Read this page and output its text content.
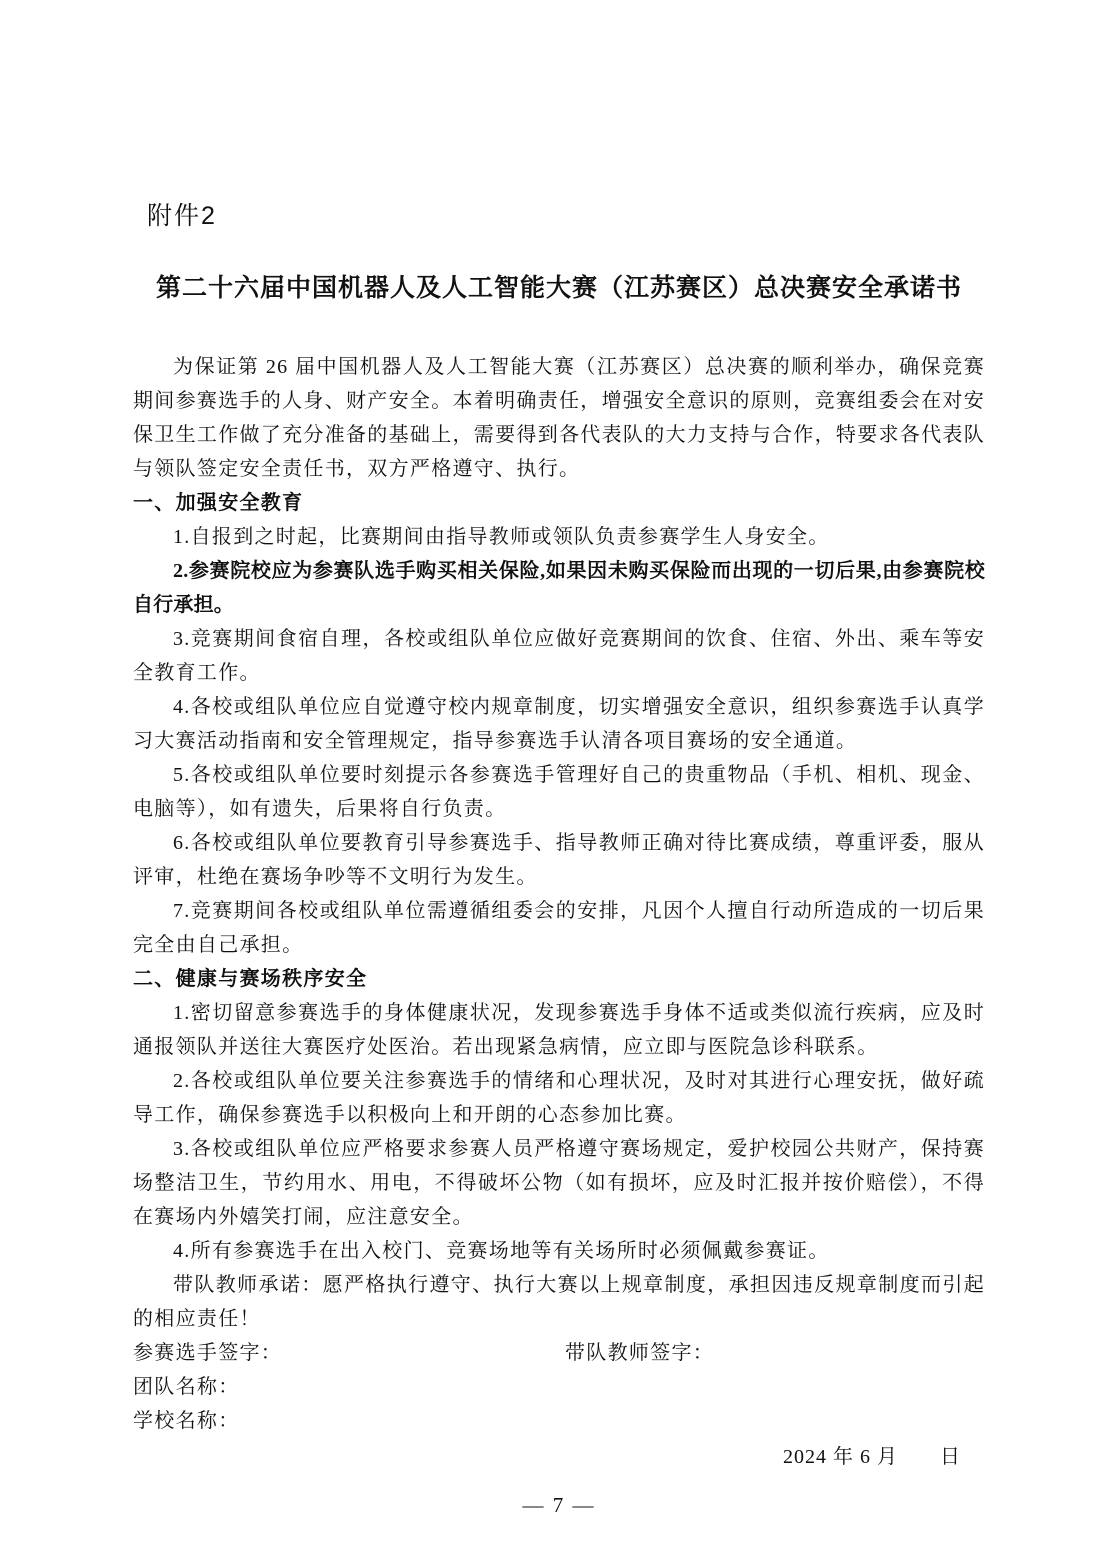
附件2
第二十六届中国机器人及人工智能大赛（江苏赛区）总决赛安全承诺书

为保证第 26 届中国机器人及人工智能大赛（江苏赛区）总决赛的顺利举办，确保竞赛期间参赛选手的人身、财产安全。本着明确责任，增强安全意识的原则，竞赛组委会在对安保卫生工作做了充分准备的基础上，需要得到各代表队的大力支持与合作，特要求各代表队与领队签定安全责任书，双方严格遵守、执行。

一、加强安全教育

1.自报到之时起，比赛期间由指导教师或领队负责参赛学生人身安全。

2.参赛院校应为参赛队选手购买相关保险,如果因未购买保险而出现的一切后果,由参赛院校自行承担。

3.竞赛期间食宿自理，各校或组队单位应做好竞赛期间的饮食、住宿、外出、乘车等安全教育工作。

4.各校或组队单位应自觉遵守校内规章制度，切实增强安全意识，组织参赛选手认真学习大赛活动指南和安全管理规定，指导参赛选手认清各项目赛场的安全通道。

5.各校或组队单位要时刻提示各参赛选手管理好自己的贵重物品（手机、相机、现金、电脑等），如有遗失，后果将自行负责。

6.各校或组队单位要教育引导参赛选手、指导教师正确对待比赛成绩，尊重评委，服从评审，杜绝在赛场争吵等不文明行为发生。

7.竞赛期间各校或组队单位需遵循组委会的安排，凡因个人擅自行动所造成的一切后果完全由自己承担。

二、健康与赛场秩序安全

1.密切留意参赛选手的身体健康状况，发现参赛选手身体不适或类似流行疾病，应及时通报领队并送往大赛医疗处医治。若出现紧急病情，应立即与医院急诊科联系。

2.各校或组队单位要关注参赛选手的情绪和心理状况，及时对其进行心理安抚，做好疏导工作，确保参赛选手以积极向上和开朗的心态参加比赛。

3.各校或组队单位应严格要求参赛人员严格遵守赛场规定，爱护校园公共财产，保持赛场整洁卫生，节约用水、用电，不得破坏公物（如有损坏，应及时汇报并按价赔偿），不得在赛场内外嬉笑打闹，应注意安全。

4.所有参赛选手在出入校门、竞赛场地等有关场所时必须佩戴参赛证。

带队教师承诺：愿严格执行遵守、执行大赛以上规章制度，承担因违反规章制度而引起的相应责任！

参赛选手签字：	带队教师签字：
团队名称：
学校名称：
2024 年 6 月　　日
— 7 —
